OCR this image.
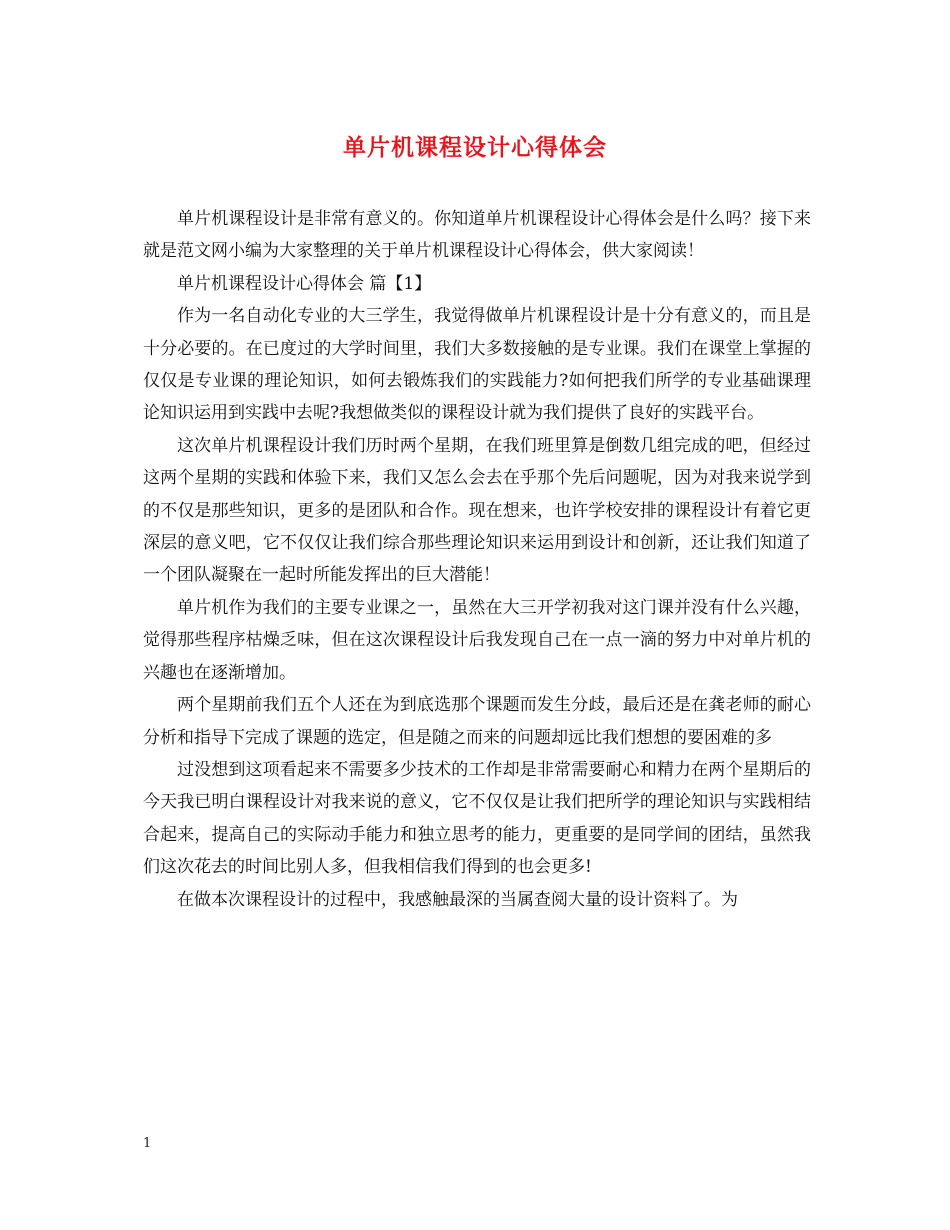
单片机课程设计心得体会

单片机课程设计是非常有意义的。你知道单片机课程设计心得体会是什么吗？接下来就是范文网小编为大家整理的关于单片机课程设计心得体会，供大家阅读！

单片机课程设计心得体会 篇【1】

作为一名自动化专业的大三学生，我觉得做单片机课程设计是十分有意义的，而且是十分必要的。在已度过的大学时间里，我们大多数接触的是专业课。我们在课堂上掌握的仅仅是专业课的理论知识，如何去锻炼我们的实践能力?如何把我们所学的专业基础课理论知识运用到实践中去呢?我想做类似的课程设计就为我们提供了良好的实践平台。

这次单片机课程设计我们历时两个星期，在我们班里算是倒数几组完成的吧，但经过这两个星期的实践和体验下来，我们又怎么会去在乎那个先后问题呢，因为对我来说学到的不仅是那些知识，更多的是团队和合作。现在想来，也许学校安排的课程设计有着它更深层的意义吧，它不仅仅让我们综合那些理论知识来运用到设计和创新，还让我们知道了一个团队凝聚在一起时所能发挥出的巨大潜能！

单片机作为我们的主要专业课之一，虽然在大三开学初我对这门课并没有什么兴趣，觉得那些程序枯燥乏味，但在这次课程设计后我发现自己在一点一滴的努力中对单片机的兴趣也在逐渐增加。

两个星期前我们五个人还在为到底选那个课题而发生分歧，最后还是在龚老师的耐心分析和指导下完成了课题的选定，但是随之而来的问题却远比我们想想的要困难的多

过没想到这项看起来不需要多少技术的工作却是非常需要耐心和精力在两个星期后的今天我已明白课程设计对我来说的意义，它不仅仅是让我们把所学的理论知识与实践相结合起来，提高自己的实际动手能力和独立思考的能力，更重要的是同学间的团结，虽然我们这次花去的时间比别人多，但我相信我们得到的也会更多!

在做本次课程设计的过程中，我感触最深的当属查阅大量的设计资料了。为

1
